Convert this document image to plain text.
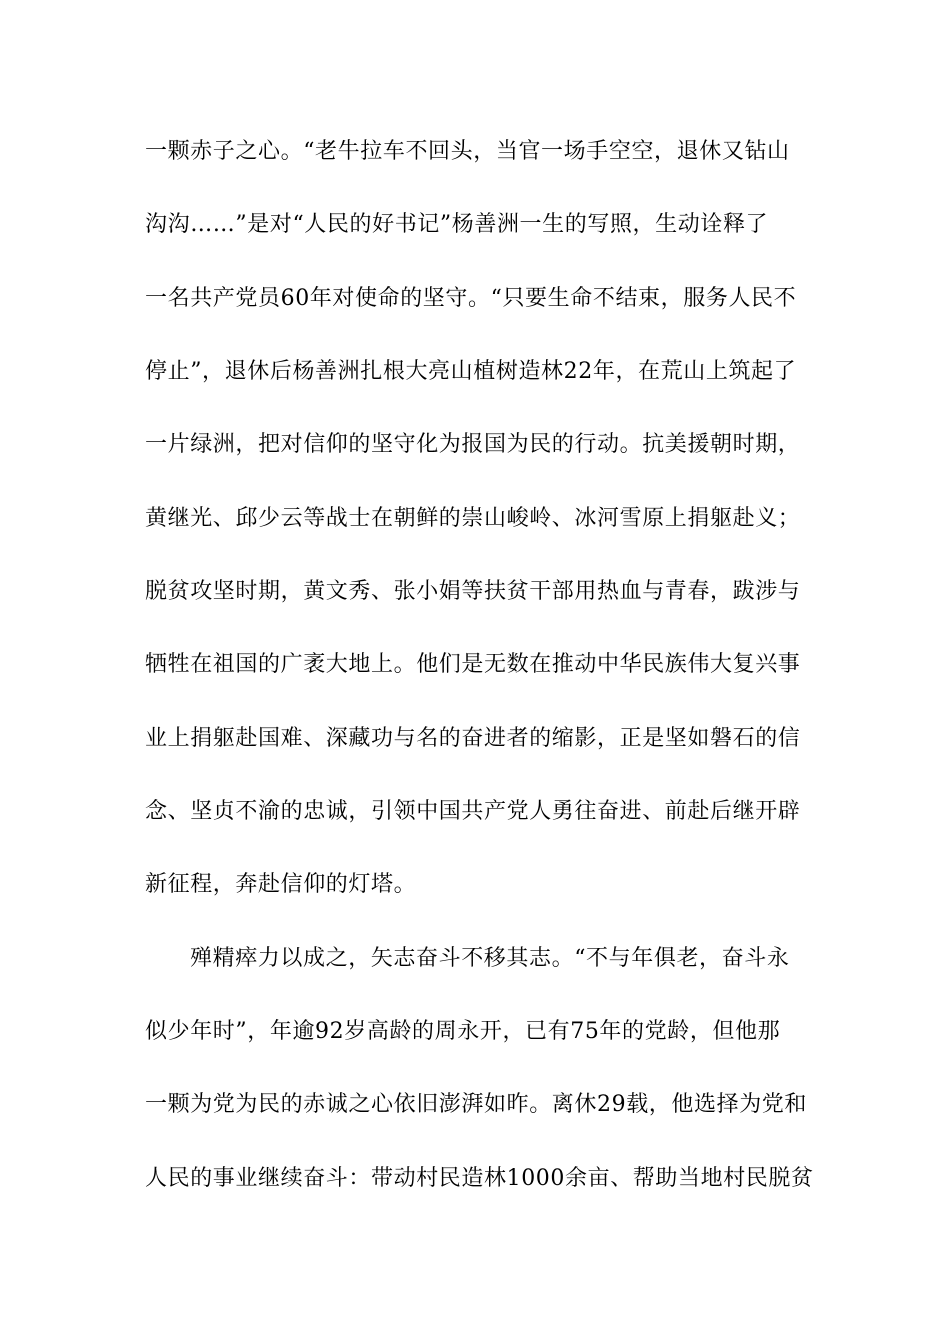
一颗赤子之心。“老牛拉车不回头，当官一场手空空，退休又钻山
沟沟……”是对“人民的好书记”杨善洲一生的写照，生动诠释了
一名共产党员60年对使命的坚守。“只要生命不结束，服务人民不
停止”，退休后杨善洲扎根大亮山植树造林22年，在荒山上筑起了
一片绿洲，把对信仰的坚守化为报国为民的行动。抗美援朝时期，
黄继光、邱少云等战士在朝鲜的崇山峻岭、冰河雪原上捐躯赴义；
脱贫攻坚时期，黄文秀、张小娟等扶贫干部用热血与青春，跋涉与
牺牲在祖国的广袤大地上。他们是无数在推动中华民族伟大复兴事
业上捐躯赴国难、深藏功与名的奋进者的缩影，正是坚如磐石的信
念、坚贞不渝的忠诚，引领中国共产党人勇往奋进、前赴后继开辟
新征程，奔赴信仰的灯塔。
殚精瘁力以成之，矢志奋斗不移其志。“不与年俱老，奋斗永
似少年时”，年逾92岁高龄的周永开，已有75年的党龄，但他那
一颗为党为民的赤诚之心依旧澎湃如昨。离休29载，他选择为党和
人民的事业继续奋斗：带动村民造林1000余亩、帮助当地村民脱贫
